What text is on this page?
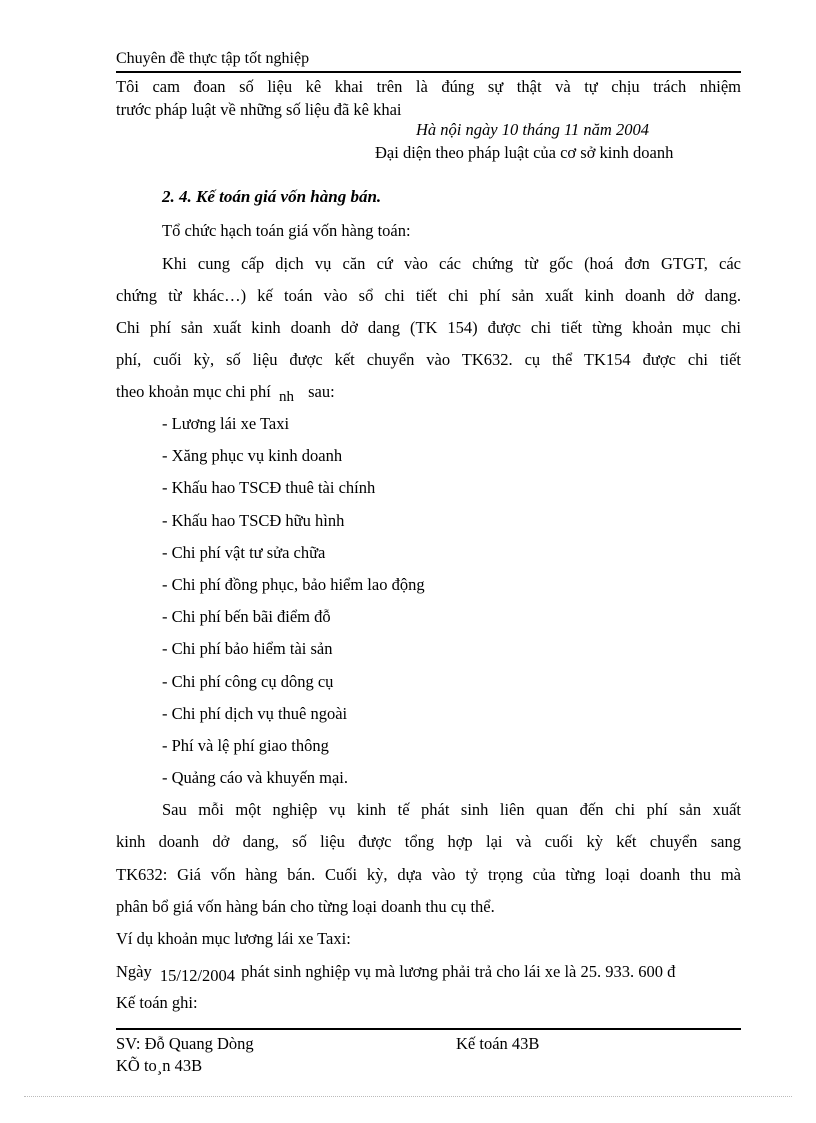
Chuyên đề thực tập tốt nghiệp
Tôi cam đoan số liệu kê khai trên là đúng sự thật và tự chịu trách nhiệm
trước pháp luật về những số liệu đã kê khai
Hà nội ngày 10 tháng 11 năm 2004
Đại diện theo pháp luật của cơ sở kinh doanh
2. 4. Kế toán giá vốn hàng bán.
Tổ chức hạch toán giá vốn hàng toán:
Khi cung cấp dịch vụ căn cứ vào các chứng từ gốc (hoá đơn GTGT, các
chứng từ khác…) kế toán vào sổ chi tiết chi phí sản xuất kinh doanh dở dang.
Chi phí sản xuất kinh doanh dở dang (TK 154) được chi tiết từng khoản mục chi
phí, cuối kỳ, số liệu được kết chuyển vào TK632. cụ thể TK154 được chi tiết
theo khoản mục chi phí nh sau:
- Lương lái xe Taxi
- Xăng phục vụ kinh doanh
- Khấu hao TSCĐ thuê tài chính
- Khấu hao TSCĐ hữu hình
- Chi phí vật tư sửa chữa
- Chi phí đồng phục, bảo hiểm lao động
- Chi phí bến bãi điểm đỗ
- Chi phí bảo hiểm tài sản
- Chi phí công cụ dông cụ
- Chi phí dịch vụ thuê ngoài
- Phí và lệ phí giao thông
- Quảng cáo và khuyến mại.
Sau mỗi một nghiệp vụ kinh tế phát sinh liên quan đến chi phí sản xuất
kinh doanh dở dang, số liệu được tổng hợp lại và cuối kỳ kết chuyển sang
TK632: Giá vốn hàng bán. Cuối kỳ, dựa vào tỷ trọng của từng loại doanh thu mà
phân bổ giá vốn hàng bán cho từng loại doanh thu cụ thể.
Ví dụ khoản mục lương lái xe Taxi:
Ngày 15/12/2004 phát sinh nghiệp vụ mà lương phải trả cho lái xe là 25. 933. 600 đ
Kế toán ghi:
SV: Đỗ Quang Dòng	Kế toán 43B
KÕ to¸n 43B
